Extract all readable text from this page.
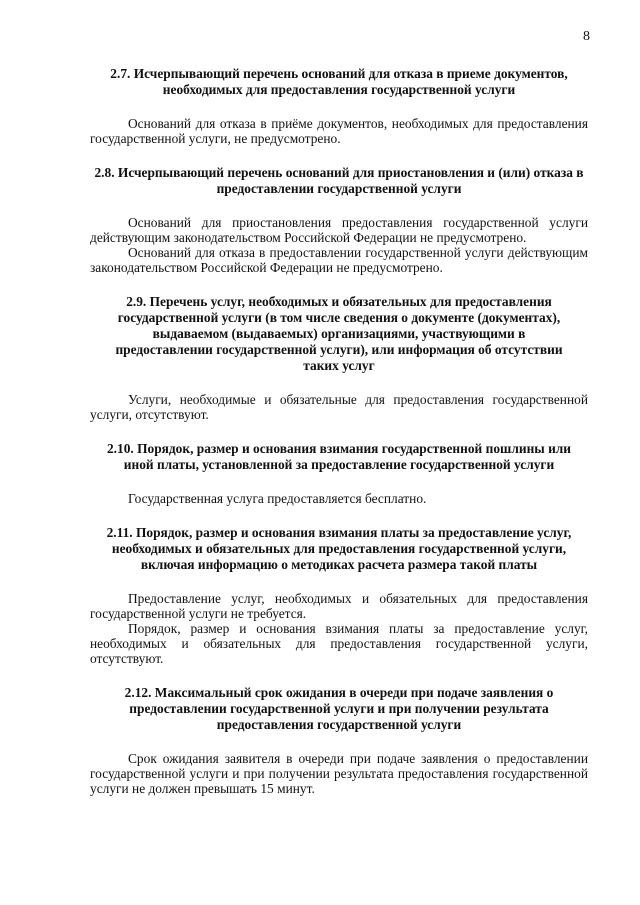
8

2.7. Исчерпывающий перечень оснований для отказа в приеме документов, необходимых для предоставления государственной услуги

Оснований для отказа в приёме документов, необходимых для предоставления государственной услуги, не предусмотрено.

2.8. Исчерпывающий перечень оснований для приостановления и (или) отказа в предоставлении государственной услуги

Оснований для приостановления предоставления государственной услуги действующим законодательством Российской Федерации не предусмотрено.

Оснований для отказа в предоставлении государственной услуги действующим законодательством Российской Федерации не предусмотрено.

2.9. Перечень услуг, необходимых и обязательных для предоставления государственной услуги (в том числе сведения о документе (документах), выдаваемом (выдаваемых) организациями, участвующими в предоставлении государственной услуги), или информация об отсутствии таких услуг

Услуги, необходимые и обязательные для предоставления государственной услуги, отсутствуют.

2.10. Порядок, размер и основания взимания государственной пошлины или иной платы, установленной за предоставление государственной услуги

Государственная услуга предоставляется бесплатно.

2.11. Порядок, размер и основания взимания платы за предоставление услуг, необходимых и обязательных для предоставления государственной услуги, включая информацию о методиках расчета размера такой платы

Предоставление услуг, необходимых и обязательных для предоставления государственной услуги не требуется.

Порядок, размер и основания взимания платы за предоставление услуг, необходимых и обязательных для предоставления государственной услуги, отсутствуют.

2.12. Максимальный срок ожидания в очереди при подаче заявления о предоставлении государственной услуги и при получении результата предоставления государственной услуги

Срок ожидания заявителя в очереди при подаче заявления о предоставлении государственной услуги и при получении результата предоставления государственной услуги не должен превышать 15 минут.
